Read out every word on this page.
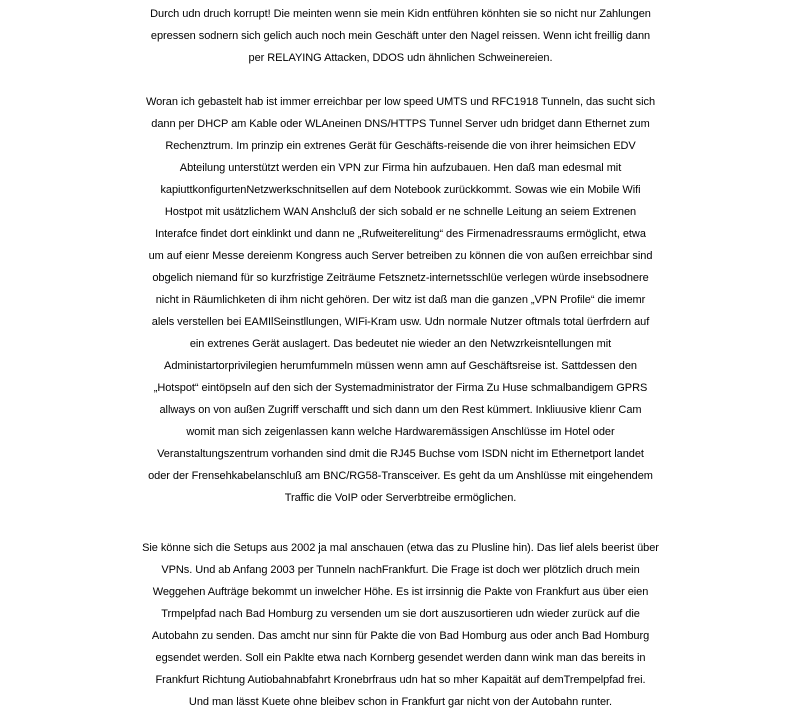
Durch udn druch korrupt! Die meinten wenn sie mein Kidn entführen könhten sie so nicht nur Zahlungen
epressen sodnern sich gelich auch noch mein Geschäft unter den Nagel reissen. Wenn icht freillig dann
per RELAYING Attacken, DDOS udn ähnlichen Schweinereien.

Woran ich gebastelt hab ist immer erreichbar per low speed UMTS und RFC1918 Tunneln, das sucht sich
dann per DHCP am Kable oder WLAneinen DNS/HTTPS Tunnel Server udn bridget dann Ethernet zum
Rechenztrum. Im prinzip ein extrenes Gerät für Geschäfts-reisende die von ihrer heimsichen EDV
Abteilung unterstützt werden ein VPN zur Firma hin aufzubauen. Hen daß man edesmal mit
kapiuttkonfigurtenNetzwerkschnitsellen auf dem Notebook zurückkommt. Sowas wie ein Mobile Wifi
Hostpot mit usätzlichem WAN Anshcluß der sich sobald er ne schnelle Leitung an seiem Extrenen
Interafce findet dort einklinkt und dann ne „Rufweiterelitung“ des Firmenadressraums ermöglicht, etwa
um auf eienr Messe dereienm Kongress auch Server betreiben zu können die von außen erreichbar sind
obgelich niemand für so kurzfristige Zeiträume Fetsznetz-internetsschlüe verlegen würde insebsodnere
nicht in Räumlichketen di ihm nicht gehören. Der witz ist daß man die ganzen „VPN Profile“ die imemr
alels verstellen bei EAMIlSeinstllungen, WIFi-Kram usw. Udn normale Nutzer oftmals total üerfrdern auf
ein extrenes Gerät auslagert. Das bedeutet nie wieder an den Netwzrkeisntellungen mit
Administartorprivilegien herumfummeln müssen wenn amn auf Geschäftsreise ist. Sattdessen den
„Hotspot“ eintöpseln auf den sich der Systemadministrator der Firma Zu Huse schmalbandigem GPRS
allways on von außen Zugriff verschafft und sich dann um den Rest kümmert. Inkliuusive klienr Cam
womit man sich zeigenlassen kann welche Hardwaremässigen Anschlüsse im Hotel oder
Veranstaltungszentrum vorhanden sind dmit die RJ45 Buchse vom ISDN nicht im Ethernetport landet
oder der Frensehkabelanschluß am BNC/RG58-Transceiver. Es geht da um Anshlüsse mit eingehendem
Traffic die VoIP oder Serverbtreibe ermöglichen.

Sie könne sich die Setups aus 2002 ja mal anschauen (etwa das zu Plusline hin). Das lief alels beerist über
VPNs. Und ab Anfang 2003 per Tunneln nachFrankfurt. Die Frage ist doch wer plötzlich druch mein
Weggehen Aufträge bekommt un inwelcher Höhe. Es ist irrsinnig die Pakte von Frankfurt aus über eien
Trmpelpfad nach Bad Homburg zu versenden um sie dort auszusortieren udn wieder zurück auf die
Autobahn zu senden. Das amcht nur sinn für Pakte die von Bad Homburg aus oder anch Bad Homburg
egsendet werden. Soll ein Paklte etwa nach Kornberg gesendet werden dann wink man das bereits in
Frankfurt Richtung Autiobahnabfahrt Kronebrfraus udn hat so mher Kapaität auf demTrempelpfad frei.
Und man lässt Kuete ohne bleibev schon in Frankfurt gar nicht von der Autobahn runter.
